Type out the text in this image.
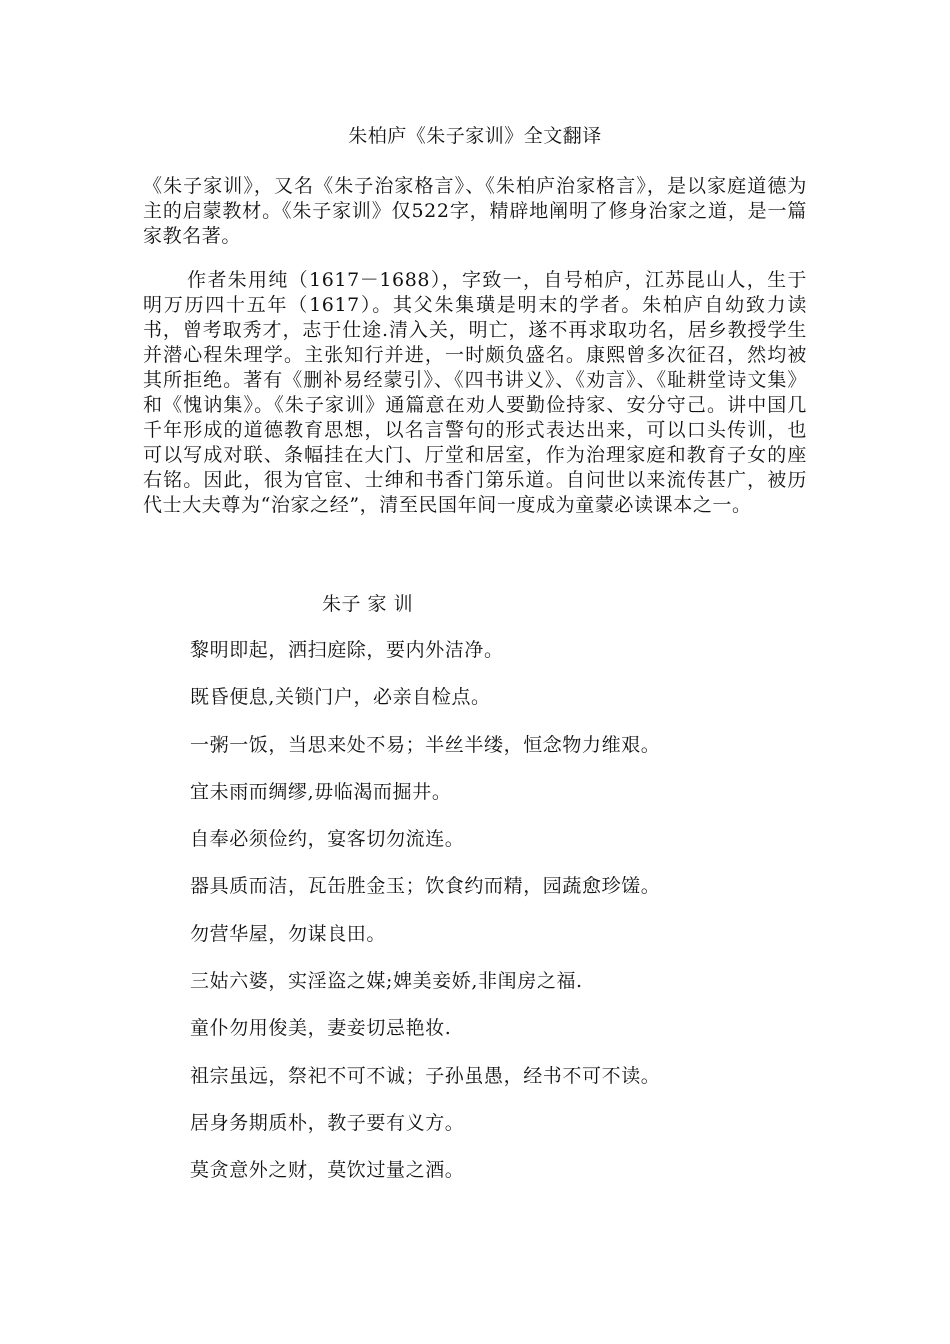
朱柏庐《朱子家训》全文翻译

《朱子家训》，又名《朱子治家格言》、《朱柏庐治家格言》，是以家庭道德为主的启蒙教材。《朱子家训》仅522字，精辟地阐明了修身治家之道，是一篇家教名著。

作者朱用纯（1617－1688），字致一，自号柏庐，江苏昆山人，生于明万历四十五年（1617）。其父朱集璜是明末的学者。朱柏庐自幼致力读书，曾考取秀才，志于仕途.清入关，明亡，遂不再求取功名，居乡教授学生并潜心程朱理学。主张知行并进，一时颇负盛名。康熙曾多次征召，然均被其所拒绝。著有《删补易经蒙引》、《四书讲义》、《劝言》、《耻耕堂诗文集》和《愧讷集》。《朱子家训》通篇意在劝人要勤俭持家、安分守己。讲中国几千年形成的道德教育思想，以名言警句的形式表达出来，可以口头传训，也可以写成对联、条幅挂在大门、厅堂和居室，作为治理家庭和教育子女的座右铭。因此，很为官宦、士绅和书香门第乐道。自问世以来流传甚广，被历代士大夫尊为“治家之经”，清至民国年间一度成为童蒙必读课本之一。

朱子 家 训
黎明即起，洒扫庭除，要内外洁净。
既昏便息,关锁门户，必亲自检点。
一粥一饭，当思来处不易；半丝半缕，恒念物力维艰。
宜未雨而绸缪,毋临渴而掘井。
自奉必须俭约，宴客切勿流连。
器具质而洁，瓦缶胜金玉；饮食约而精，园蔬愈珍馐。
勿营华屋，勿谋良田。
三姑六婆，实淫盗之媒;婢美妾娇,非闺房之福.
童仆勿用俊美，妻妾切忌艳妆.
祖宗虽远，祭祀不可不诚；子孙虽愚，经书不可不读。
居身务期质朴，教子要有义方。
莫贪意外之财，莫饮过量之酒。
